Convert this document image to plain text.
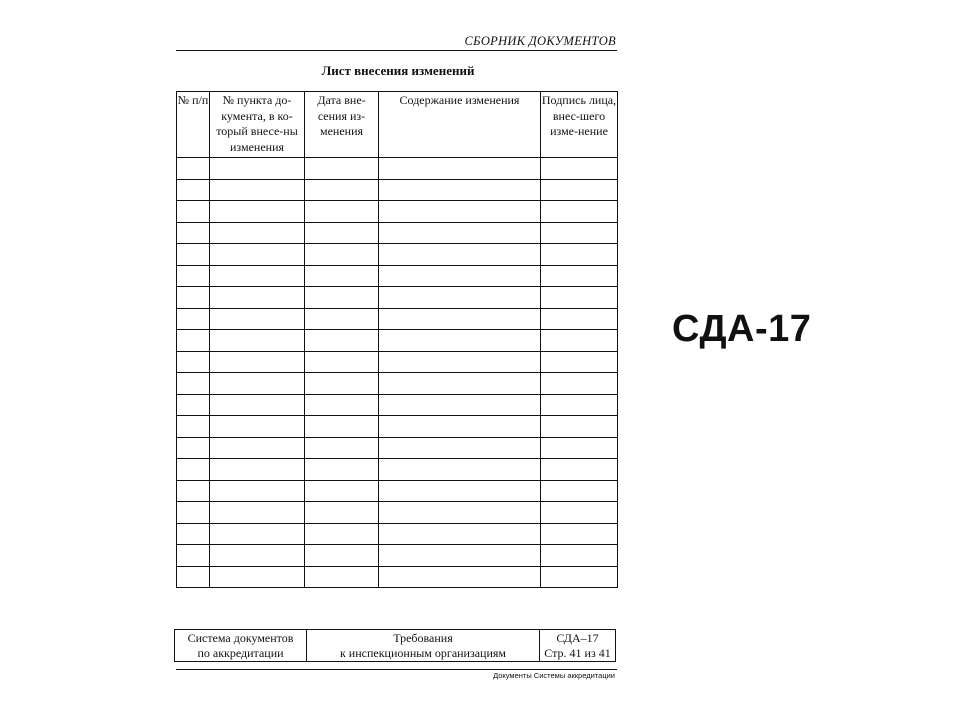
СБОРНИК ДОКУМЕНТОВ
Лист внесения изменений
№ п/п	№ пункта до-кумента, в ко-торый внесе-ны изменения	Дата вне-сения из-менения	Содержание изменения	Подпись лица, внес-шего изме-нение

Система документов
по аккредитации

Требования
к инспекционным организациям

СДА–17
Стр. 41 из 41
Документы Системы аккредитации
СДА-17
